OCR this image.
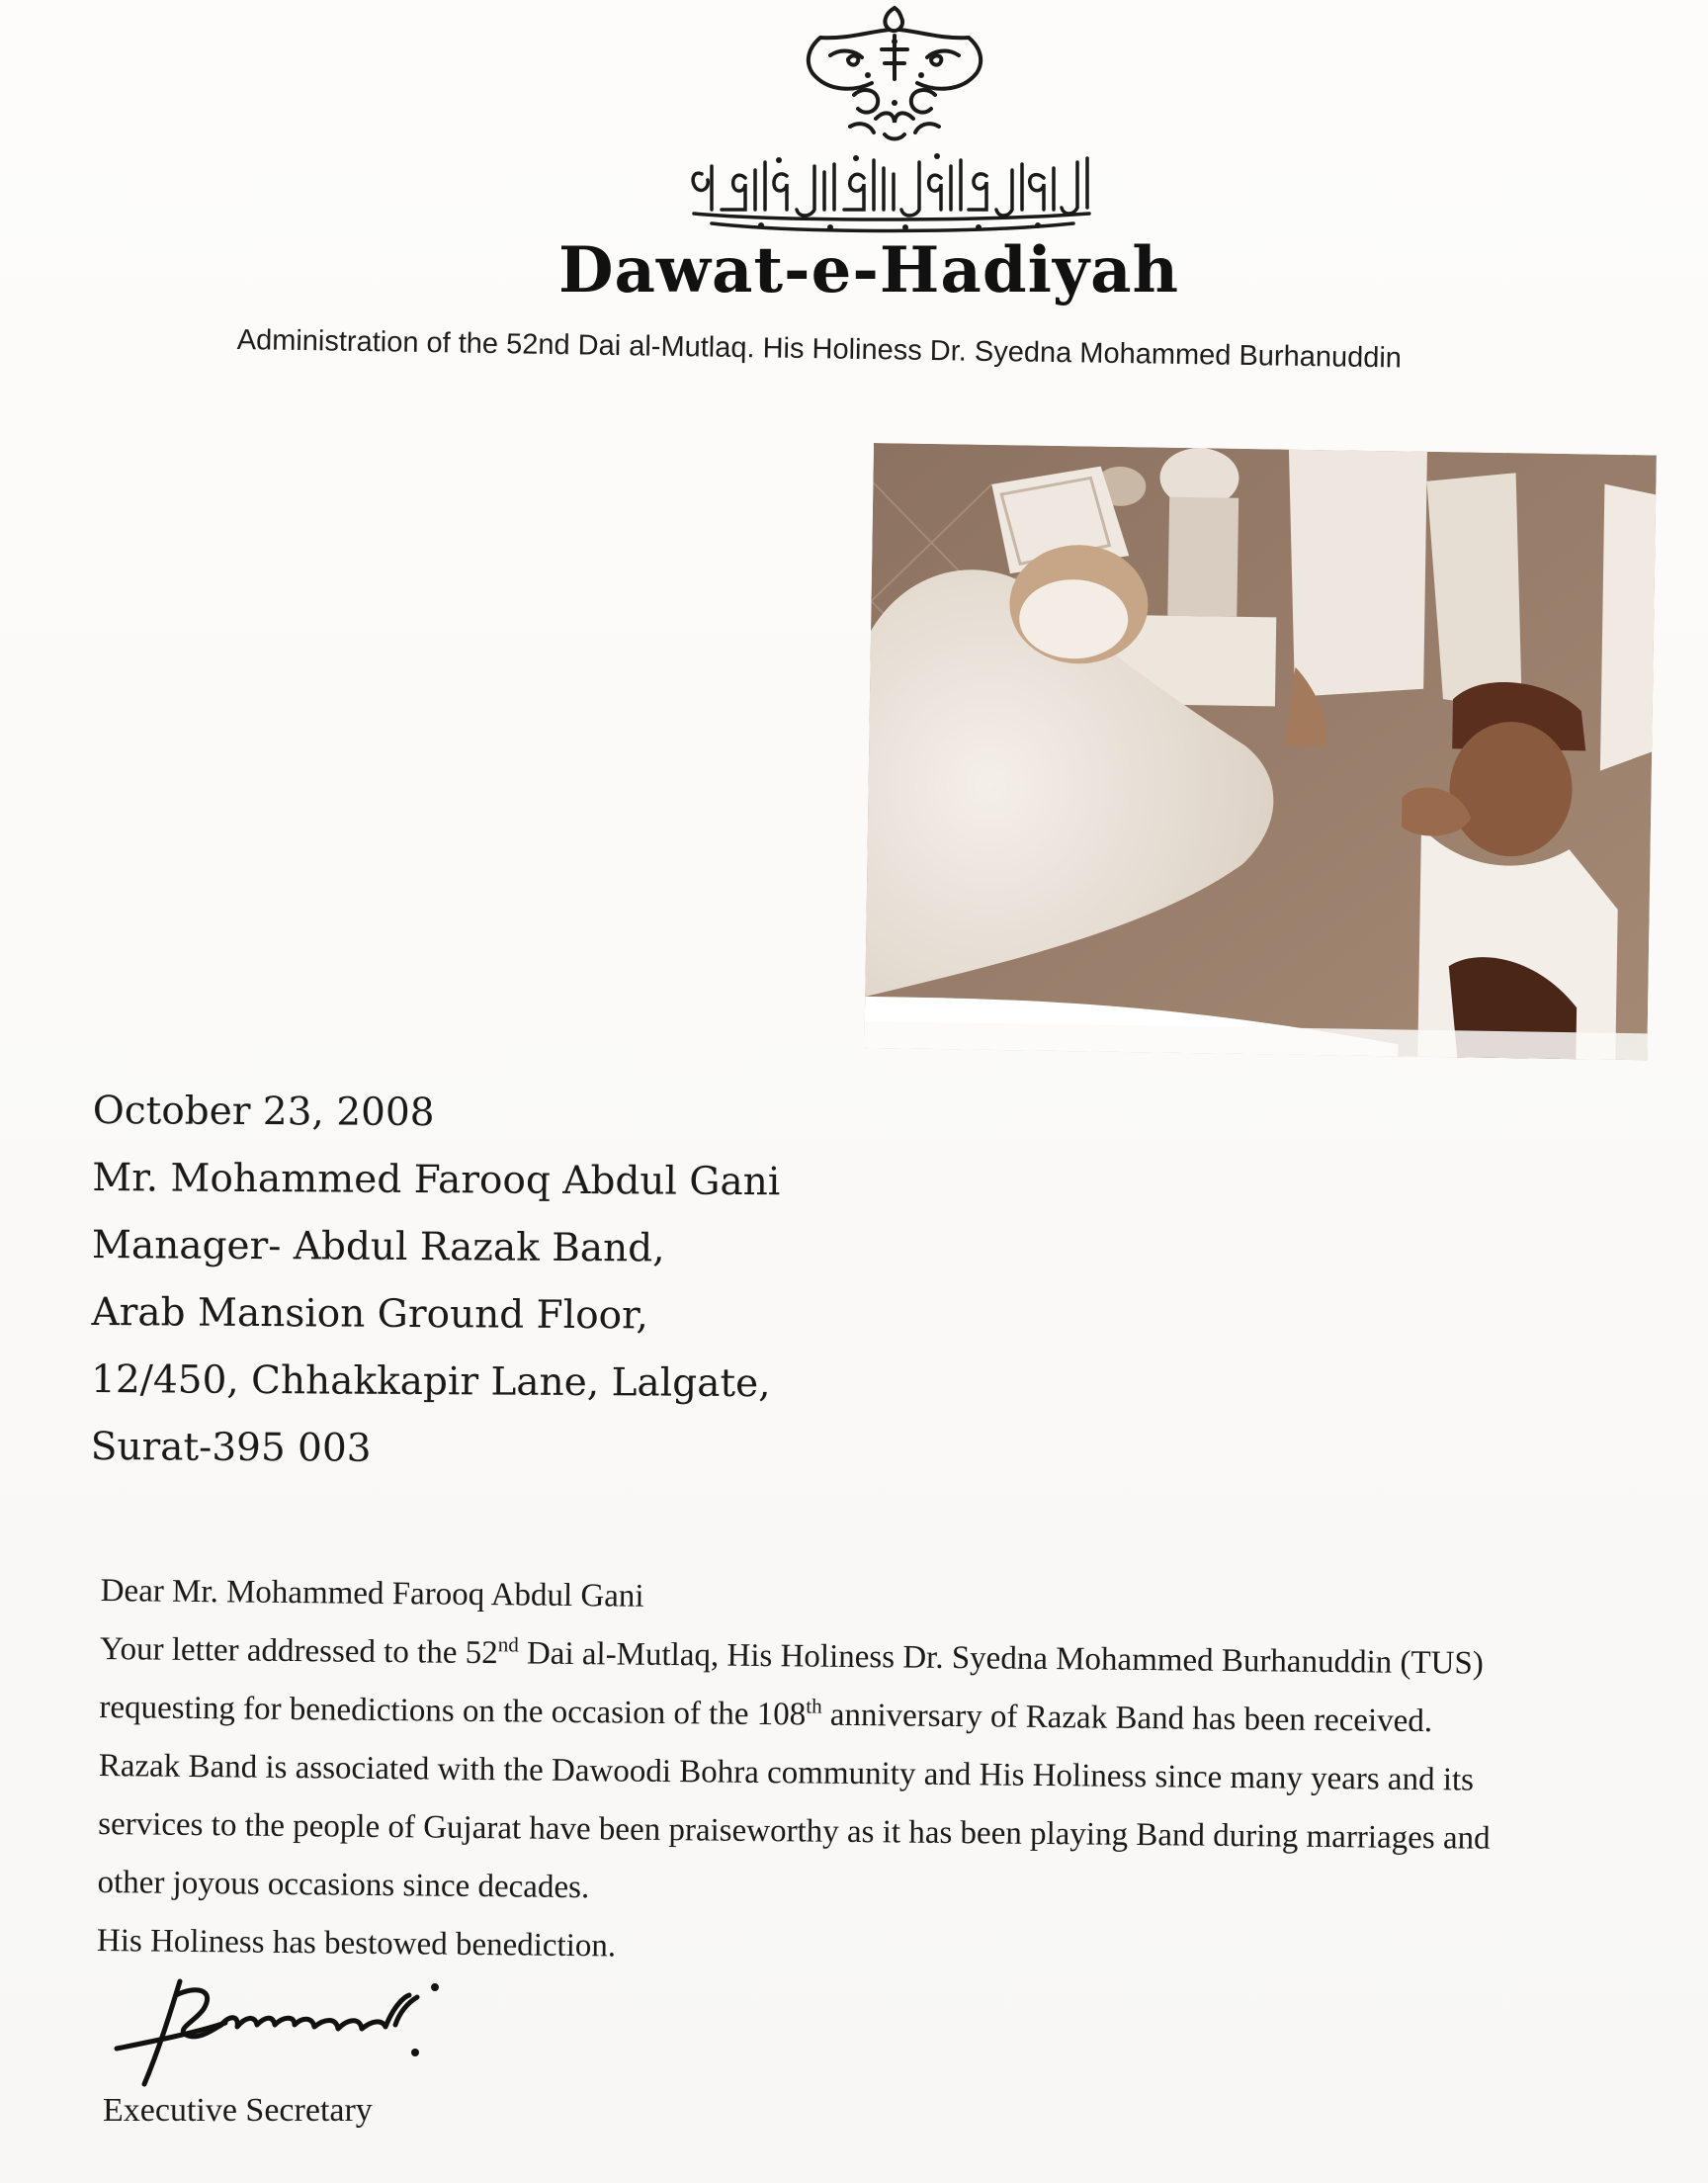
Dawat-e-Hadiyah
Administration of the 52nd Dai al-Mutlaq. His Holiness Dr. Syedna Mohammed Burhanuddin
October 23, 2008
Mr. Mohammed Farooq Abdul Gani
Manager- Abdul Razak Band,
Arab Mansion Ground Floor,
12/450, Chhakkapir Lane, Lalgate,
Surat-395 003
Dear Mr. Mohammed Farooq Abdul Gani
Your letter addressed to the 52nd Dai al-Mutlaq, His Holiness Dr. Syedna Mohammed Burhanuddin (TUS)
requesting for benedictions on the occasion of the 108th anniversary of Razak Band has been received.
Razak Band is associated with the Dawoodi Bohra community and His Holiness since many years and its
services to the people of Gujarat have been praiseworthy as it has been playing Band during marriages and
other joyous occasions since decades.
His Holiness has bestowed benediction.
Executive Secretary
